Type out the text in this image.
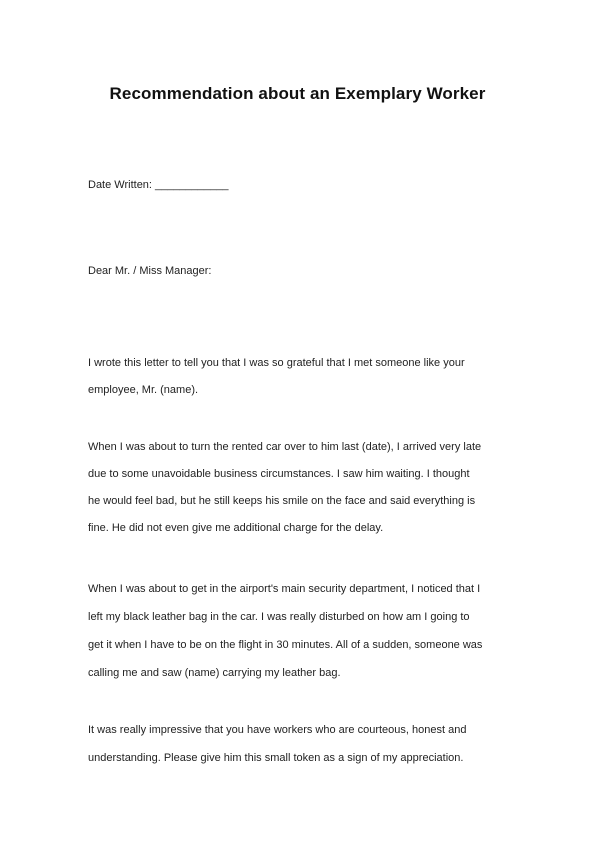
Recommendation about an Exemplary Worker
Date Written: ____________
Dear Mr. / Miss Manager:
I wrote this letter to tell you that I was so grateful that I met someone like your
employee, Mr. (name).
When I was about to turn the rented car over to him last (date), I arrived very late
due to some unavoidable business circumstances. I saw him waiting. I thought
he would feel bad, but he still keeps his smile on the face and said everything is
fine. He did not even give me additional charge for the delay.
When I was about to get in the airport's main security department, I noticed that I
left my black leather bag in the car. I was really disturbed on how am I going to
get it when I have to be on the flight in 30 minutes. All of a sudden, someone was
calling me and saw (name) carrying my leather bag.
It was really impressive that you have workers who are courteous, honest and
understanding. Please give him this small token as a sign of my appreciation.
